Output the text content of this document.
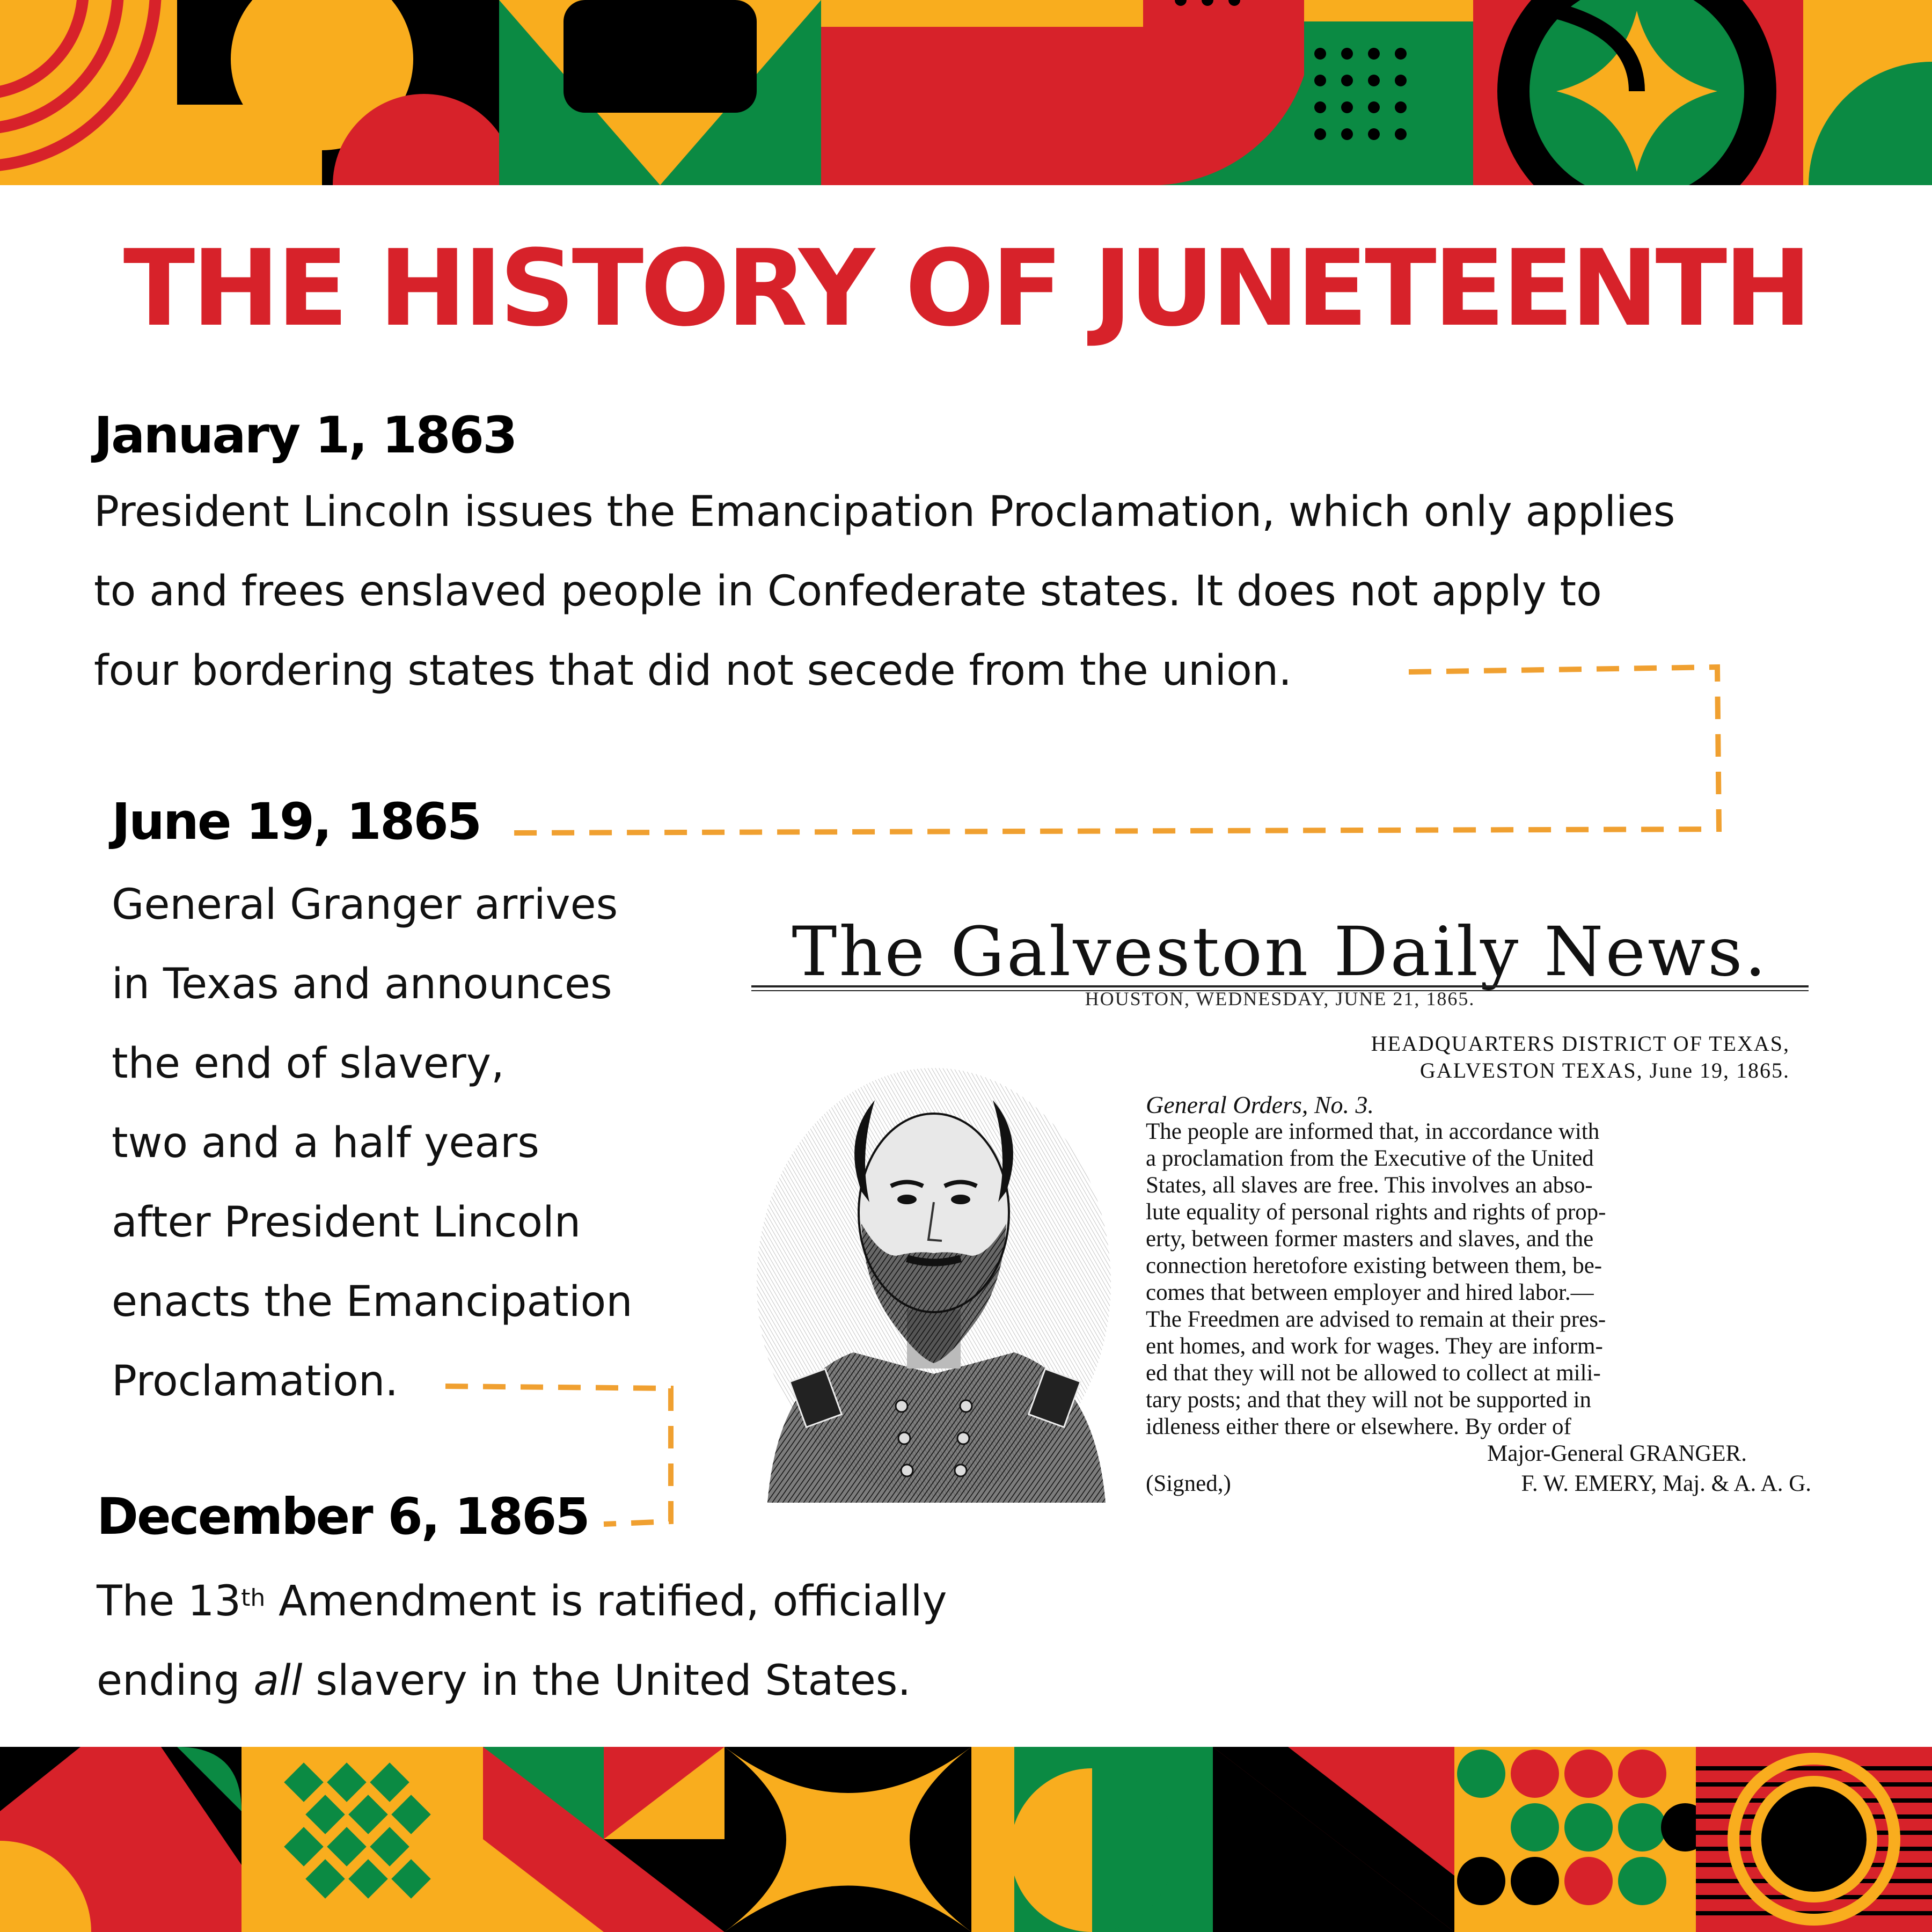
THE HISTORY OF JUNETEENTH
January 1, 1863
President Lincoln issues the Emancipation Proclamation, which only applies
to and frees enslaved people in Confederate states. It does not apply to
four bordering states that did not secede from the union.
June 19, 1865
General Granger arrives
in Texas and announces
the end of slavery,
two and a half years
after President Lincoln
enacts the Emancipation
Proclamation.
December 6, 1865
The 13th Amendment is ratified, officially
ending all slavery in the United States.
The Galveston Daily News.
HOUSTON, WEDNESDAY, JUNE 21, 1865.
HEADQUARTERS DISTRICT OF TEXAS,
GALVESTON TEXAS, June 19, 1865.
General Orders, No. 3.
The people are informed that, in accordance with
a proclamation from the Executive of the United
States, all slaves are free. This involves an abso-
lute equality of personal rights and rights of prop-
erty, between former masters and slaves, and the
connection heretofore existing between them, be-
comes that between employer and hired labor.—
The Freedmen are advised to remain at their pres-
ent homes, and work for wages. They are inform-
ed that they will not be allowed to collect at mili-
tary posts; and that they will not be supported in
idleness either there or elsewhere. By order of
Major-General GRANGER.
(Signed,)	F. W. EMERY, Maj. & A. A. G.
